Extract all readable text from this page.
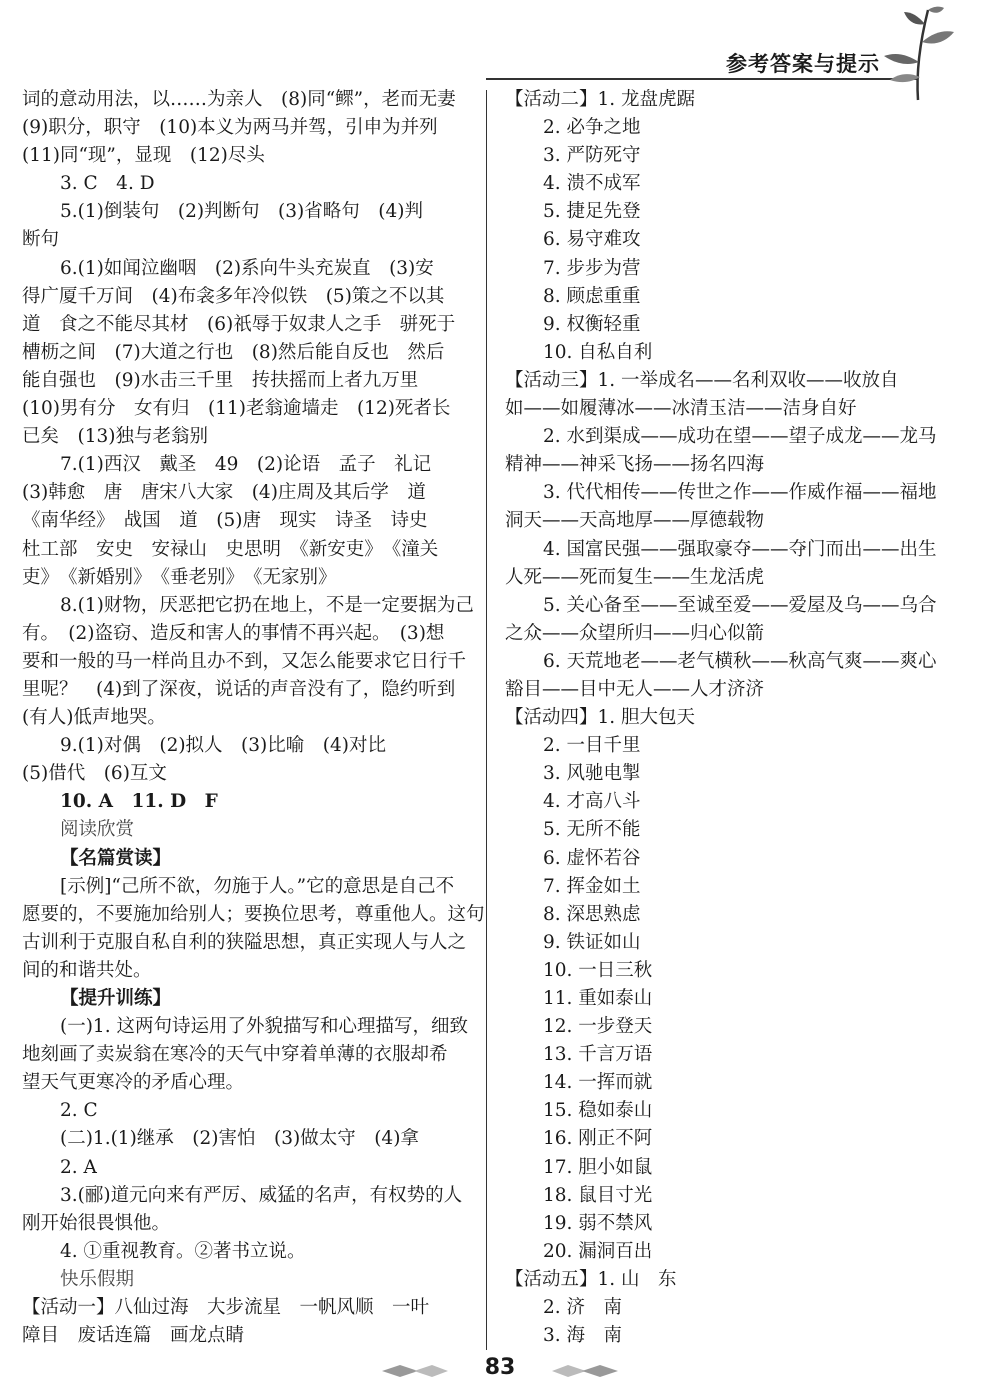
参考答案与提示
词的意动用法，以……为亲人　(8)同“鳏”，老而无妻
(9)职分，职守　(10)本义为两马并驾，引申为并列
(11)同“现”，显现　(12)尽头
3. C　4. D
5.(1)倒装句　(2)判断句　(3)省略句　(4)判
断句
6.(1)如闻泣幽咽　(2)系向牛头充炭直　(3)安
得广厦千万间　(4)布衾多年冷似铁　(5)策之不以其
道　食之不能尽其材　(6)祇辱于奴隶人之手　骈死于
槽枥之间　(7)大道之行也　(8)然后能自反也　然后
能自强也　(9)水击三千里　抟扶摇而上者九万里
(10)男有分　女有归　(11)老翁逾墙走　(12)死者长
已矣　(13)独与老翁别
7.(1)西汉　戴圣　49　(2)论语　孟子　礼记
(3)韩愈　唐　唐宋八大家　(4)庄周及其后学　道
《南华经》　战国　道　(5)唐　现实　诗圣　诗史
杜工部　安史　安禄山　史思明　《新安吏》　《潼关
吏》　《新婚别》　《垂老别》　《无家别》
8.(1)财物，厌恶把它扔在地上，不是一定要据为己
有。　(2)盗窃、造反和害人的事情不再兴起。　(3)想
要和一般的马一样尚且办不到，又怎么能要求它日行千
里呢？　(4)到了深夜，说话的声音没有了，隐约听到
(有人)低声地哭。
9.(1)对偶　(2)拟人　(3)比喻　(4)对比
(5)借代　(6)互文
10. A　11. D　F
阅读欣赏
【名篇赏读】
[示例]“己所不欲，勿施于人。”它的意思是自己不
愿要的，不要施加给别人；要换位思考，尊重他人。这句
古训利于克服自私自利的狭隘思想，真正实现人与人之
间的和谐共处。
【提升训练】
(一)1. 这两句诗运用了外貌描写和心理描写，细致
地刻画了卖炭翁在寒冷的天气中穿着单薄的衣服却希
望天气更寒冷的矛盾心理。
2. C
(二)1.(1)继承　(2)害怕　(3)做太守　(4)拿
2. A
3.(郦)道元向来有严厉、威猛的名声，有权势的人
刚开始很畏惧他。
4. ①重视教育。②著书立说。
快乐假期
【活动一】八仙过海　大步流星　一帆风顺　一叶
障目　废话连篇　画龙点睛
【活动二】1. 龙盘虎踞
2. 必争之地
3. 严防死守
4. 溃不成军
5. 捷足先登
6. 易守难攻
7. 步步为营
8. 顾虑重重
9. 权衡轻重
10. 自私自利
【活动三】1. 一举成名——名利双收——收放自
如——如履薄冰——冰清玉洁——洁身自好
2. 水到渠成——成功在望——望子成龙——龙马
精神——神采飞扬——扬名四海
3. 代代相传——传世之作——作威作福——福地
洞天——天高地厚——厚德载物
4. 国富民强——强取豪夺——夺门而出——出生
人死——死而复生——生龙活虎
5. 关心备至——至诚至爱——爱屋及乌——乌合
之众——众望所归——归心似箭
6. 天荒地老——老气横秋——秋高气爽——爽心
豁目——目中无人——人才济济
【活动四】1. 胆大包天
2. 一目千里
3. 风驰电掣
4. 才高八斗
5. 无所不能
6. 虚怀若谷
7. 挥金如土
8. 深思熟虑
9. 铁证如山
10. 一日三秋
11. 重如泰山
12. 一步登天
13. 千言万语
14. 一挥而就
15. 稳如泰山
16. 刚正不阿
17. 胆小如鼠
18. 鼠目寸光
19. 弱不禁风
20. 漏洞百出
【活动五】1. 山　东
2. 济　南
3. 海　南
83
